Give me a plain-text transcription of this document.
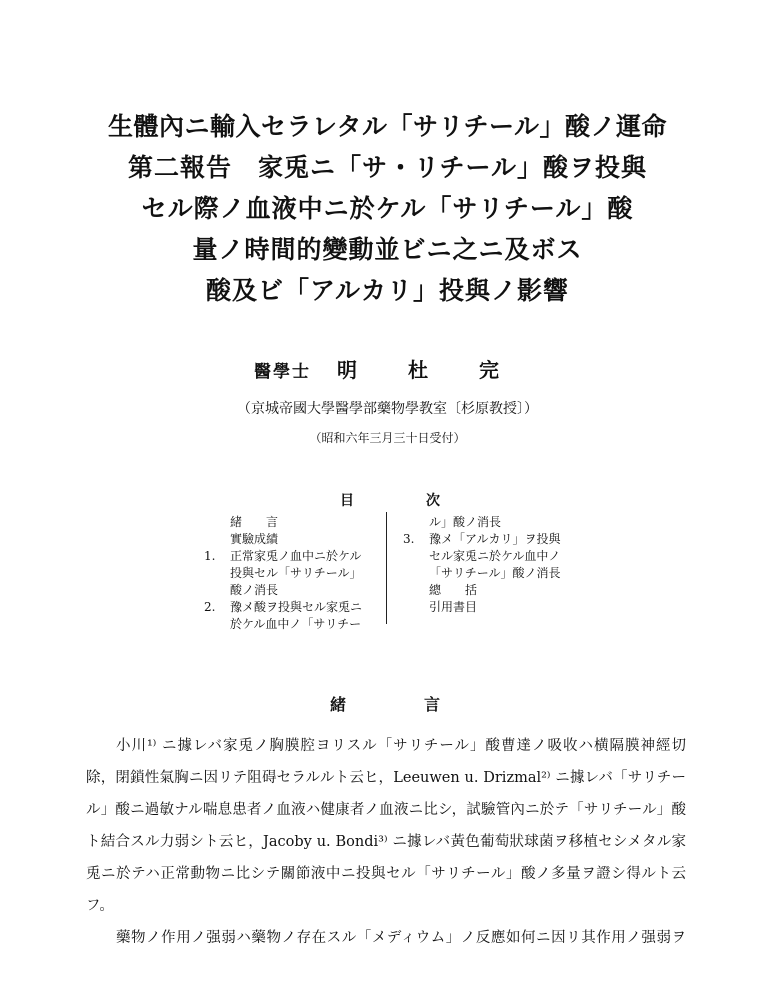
生體內ニ輸入セラレタル「サリチール」酸ノ運命
第二報告　家兎ニ「サ・リチール」酸ヲ投與
セル際ノ血液中ニ於ケル「サリチール」酸
量ノ時間的變動並ビニ之ニ及ボス
酸及ビ「アルカリ」投與ノ影響
醫學士 明 杜 完
（京城帝國大學醫學部藥物學教室〔杉原教授〕）
（昭和六年三月三十日受付）
目	次
緒　　言
實驗成績
1.	正常家兎ノ血中ニ於ケル
投與セル「サリチール」
酸ノ消長
2.	豫メ酸ヲ投與セル家兎ニ
於ケル血中ノ「サリチー
ル」酸ノ消長
3.	豫メ「アルカリ」ヲ投與
セル家兎ニ於ケル血中ノ
「サリチール」酸ノ消長
總　　括
引用書目
緒	言

小川¹⁾ ニ據レバ家兎ノ胸膜腔ヨリスル「サリチール」酸曹達ノ吸收ハ横隔膜神經切

除，閉鎖性氣胸ニ因リテ阻碍セラルルト云ヒ，Leeuwen u. Drizmal²⁾ ニ據レバ「サリチー

ル」酸ニ過敏ナル喘息患者ノ血液ハ健康者ノ血液ニ比シ，試驗管內ニ於テ「サリチール」酸

ト結合スル力弱シト云ヒ，Jacoby u. Bondi³⁾ ニ據レバ黃色葡萄狀球菌ヲ移植セシメタル家

兎ニ於テハ正常動物ニ比シテ關節液中ニ投與セル「サリチール」酸ノ多量ヲ證シ得ルト云

フ。

藥物ノ作用ノ强弱ハ藥物ノ存在スル「メディウム」ノ反應如何ニ因リ其作用ノ强弱ヲ
